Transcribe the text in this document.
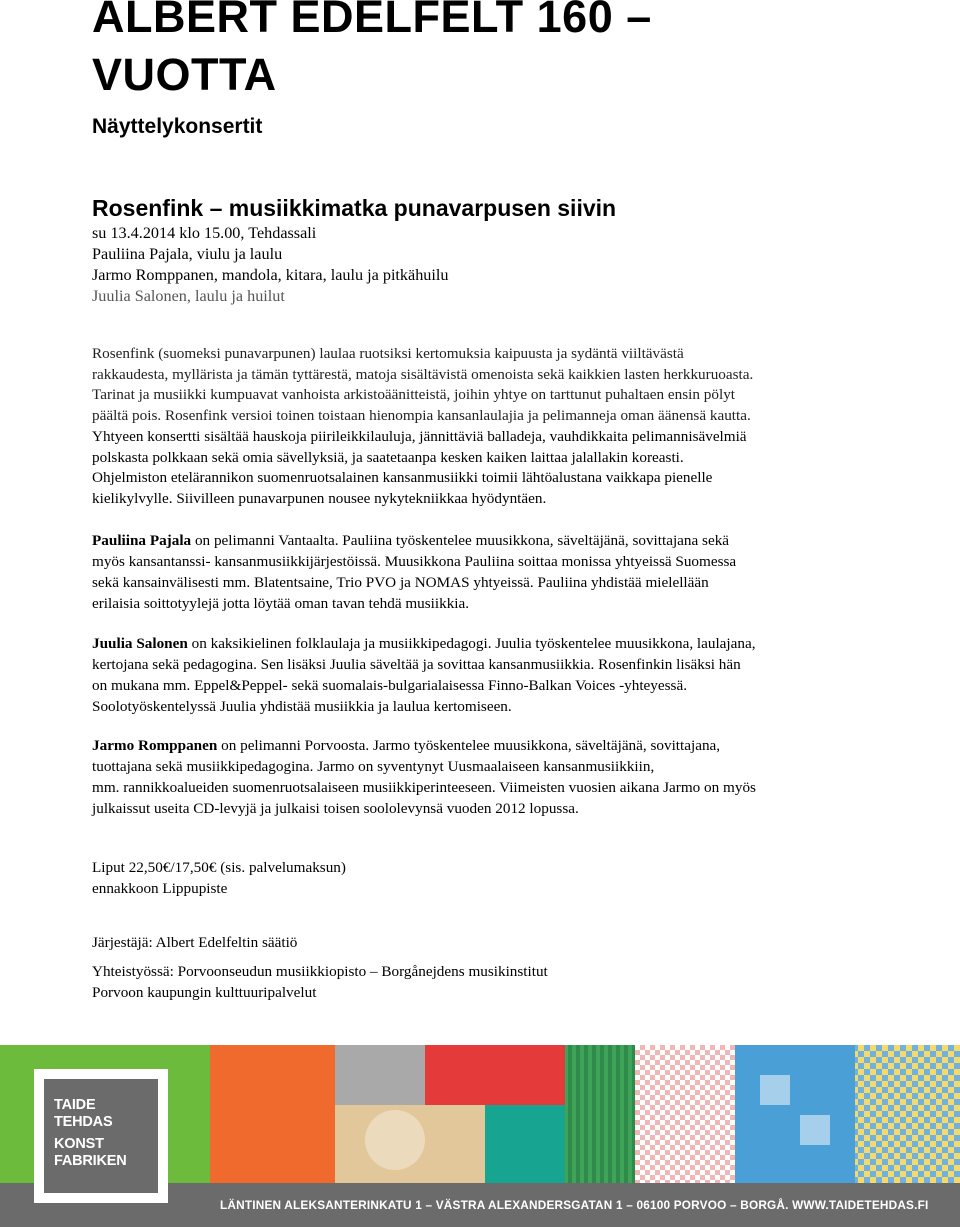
ALBERT EDELFELT 160 –
VUOTTA
Näyttelykonsertit
Rosenfink – musiikkimatka punavarpusen siivin
su 13.4.2014 klo 15.00, Tehdassali
Pauliina Pajala, viulu ja laulu
Jarmo Romppanen, mandola, kitara, laulu ja pitkähuilu
Juulia Salonen, laulu ja huilut
Rosenfink (suomeksi punavarpunen) laulaa ruotsiksi kertomuksia kaipuusta ja sydäntä viiltävästä
rakkaudesta, myllärista ja tämän tyttärestä, matoja sisältävistä omenoista sekä kaikkien lasten herkkuruoasta.
Tarinat ja musiikki kumpuavat vanhoista arkistoäänitteistä, joihin yhtye on tarttunut puhaltaen ensin pölyt
päältä pois. Rosenfink versioi toinen toistaan hienompia kansanlaulajia ja pelimanneja oman äänensä kautta.
Yhtyeen konsertti sisältää hauskoja piirileikkilauluja, jännittäviä balladeja, vauhdikkaita pelimannisävelmiä
polskasta polkkaan sekä omia sävellyksiä, ja saatetaanpa kesken kaiken laittaa jalallakin koreasti.
Ohjelmiston etelärannikon suomenruotsalainen kansanmusiikki toimii lähtöalustana vaikkapa pienelle
kielikylvylle. Siivilleen punavarpunen nousee nykytekniikkaa hyödyntäen.
Pauliina Pajala on pelimanni Vantaalta. Pauliina työskentelee muusikkona, säveltäjänä, sovittajana sekä
myös kansantanssi- kansanmusiikkijärjestöissä. Muusikkona Pauliina soittaa monissa yhtyeissä Suomessa
sekä kansainvälisesti mm. Blatentsaine, Trio PVO ja NOMAS yhtyeissä. Pauliina yhdistää mielellään
erilaisia soittotyylejä jotta löytää oman tavan tehdä musiikkia.
Juulia Salonen on kaksikielinen folklaulaja ja musiikkipedagogi. Juulia työskentelee muusikkona, laulajana,
kertojana sekä pedagogina. Sen lisäksi Juulia säveltää ja sovittaa kansanmusiikkia. Rosenfinkin lisäksi hän
on mukana mm. Eppel&Peppel- sekä suomalais-bulgarialaisessa Finno-Balkan Voices -yhteyessä.
Soolotyöskentelyssä Juulia yhdistää musiikkia ja laulua kertomiseen.
Jarmo Romppanen on pelimanni Porvoosta. Jarmo työskentelee muusikkona, säveltäjänä, sovittajana,
tuottajana sekä musiikkipedagogina. Jarmo on syventynyt Uusmaalaiseen kansanmusiikkiin,
mm. rannikkoalueiden suomenruotsalaiseen musiikkiperinteeseen. Viimeisten vuosien aikana Jarmo on myös
julkaissut useita CD-levyjä ja julkaisi toisen soololevynsä vuoden 2012 lopussa.
Liput 22,50€/17,50€ (sis. palvelumaksun)
ennakkoon Lippupiste
Järjestäjä: Albert Edelfeltin säätiö
Yhteistyössä: Porvoonseudun musiikkiopisto – Borgånejdens musikinstitut
Porvoon kaupungin kulttuuripalvelut
LÄNTINEN ALEKSANTERINKATU 1 – VÄSTRA ALEXANDERSGATAN 1 – 06100 PORVOO – BORGÅ. WWW.TAIDETEHDAS.FI
TAIDE
TEHDAS
KONST
FABRIKEN
